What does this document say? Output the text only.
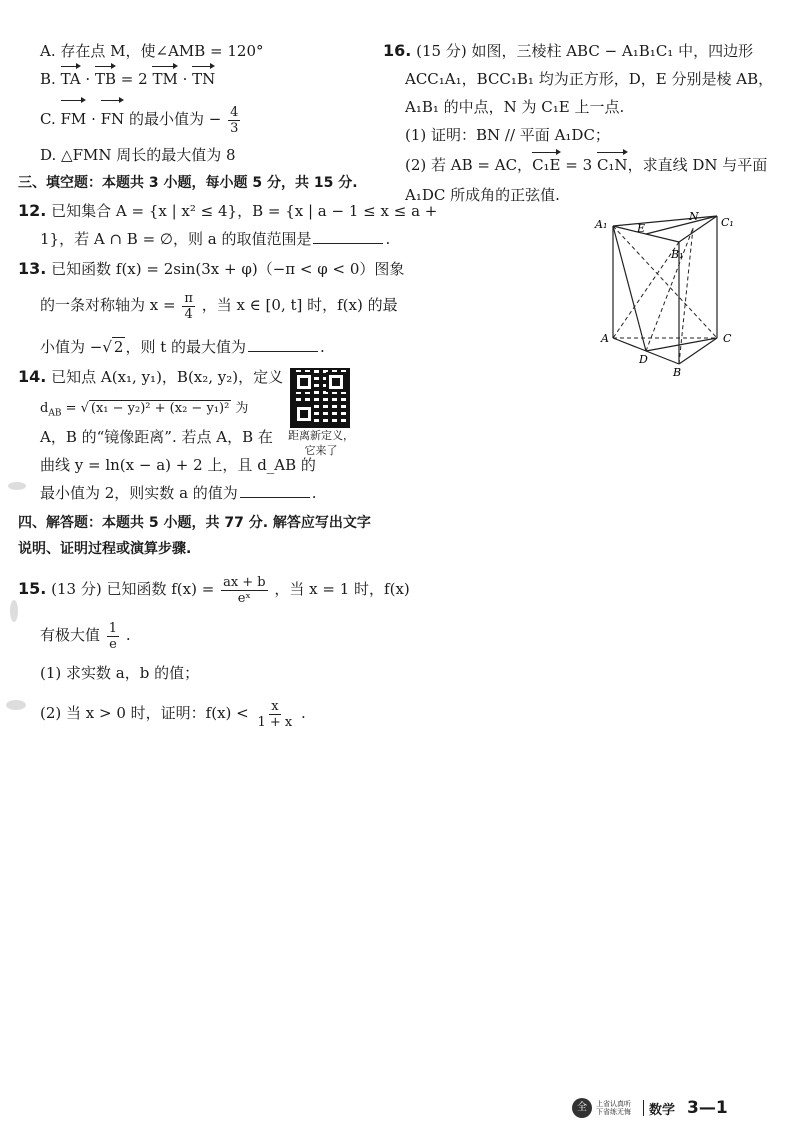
A. 存在点 M，使∠AMB = 120°
B. TA · TB = 2 TM · TN
C. FM · FN 的最小值为 − $\frac{4}{3}$
D. △FMN 周长的最大值为 8
三、填空题：本题共 3 小题，每小题 5 分，共 15 分.
12. 已知集合 A = {x | x² ≤ 4}，B = {x | a − 1 ≤ x ≤ a +
1}，若 A ∩ B = ∅，则 a 的取值范围是	.
13. 已知函数 f(x) = 2sin(3x + φ)（−π < φ < 0）图象
的一条对称轴为 $x = \frac{\pi}{4}$ ，当 x ∈ [0, t] 时，f(x) 的最
小值为 −√ 2 ，则 t 的最大值为	.
14. 已知点 A(x₁, y₁)，B(x₂, y₂)，定义
$d_{AB}$ = √ (x₁ − y₂)² + (x₂ − y₁)² 为
A，B 的“镜像距离”. 若点 A，B 在
曲线 y = ln(x − a) + 2 上，且 d_AB 的
最小值为 2，则实数 a 的值为	.
距离新定义，
它来了
四、解答题：本题共 5 小题，共 77 分. 解答应写出文字
说明、证明过程或演算步骤.
15. (13 分) 已知函数 $f(x) = \frac{ax + b}{\text{eˣ}}$ ，当 x = 1 时，f(x)
有极大值 $\frac{1}{e}$ .
(1) 求实数 a，b 的值；
(2) 当 x > 0 时，证明：$f(x) < \frac{x}{1 + x}$ .
16. (15 分) 如图，三棱柱 ABC − A₁B₁C₁ 中，四边形
ACC₁A₁，BCC₁B₁ 均为正方形，D，E 分别是棱 AB，
A₁B₁ 的中点，N 为 C₁E 上一点.
(1) 证明：BN // 平面 A₁DC；
(2) 若 AB = AC，C₁E = 3 C₁N，求直线 DN 与平面
A₁DC 所成角的正弦值.
A₁	E
N C₁
B₁
A
D
B
C
全	上省认真听
下省练无悔 数学 3—1
